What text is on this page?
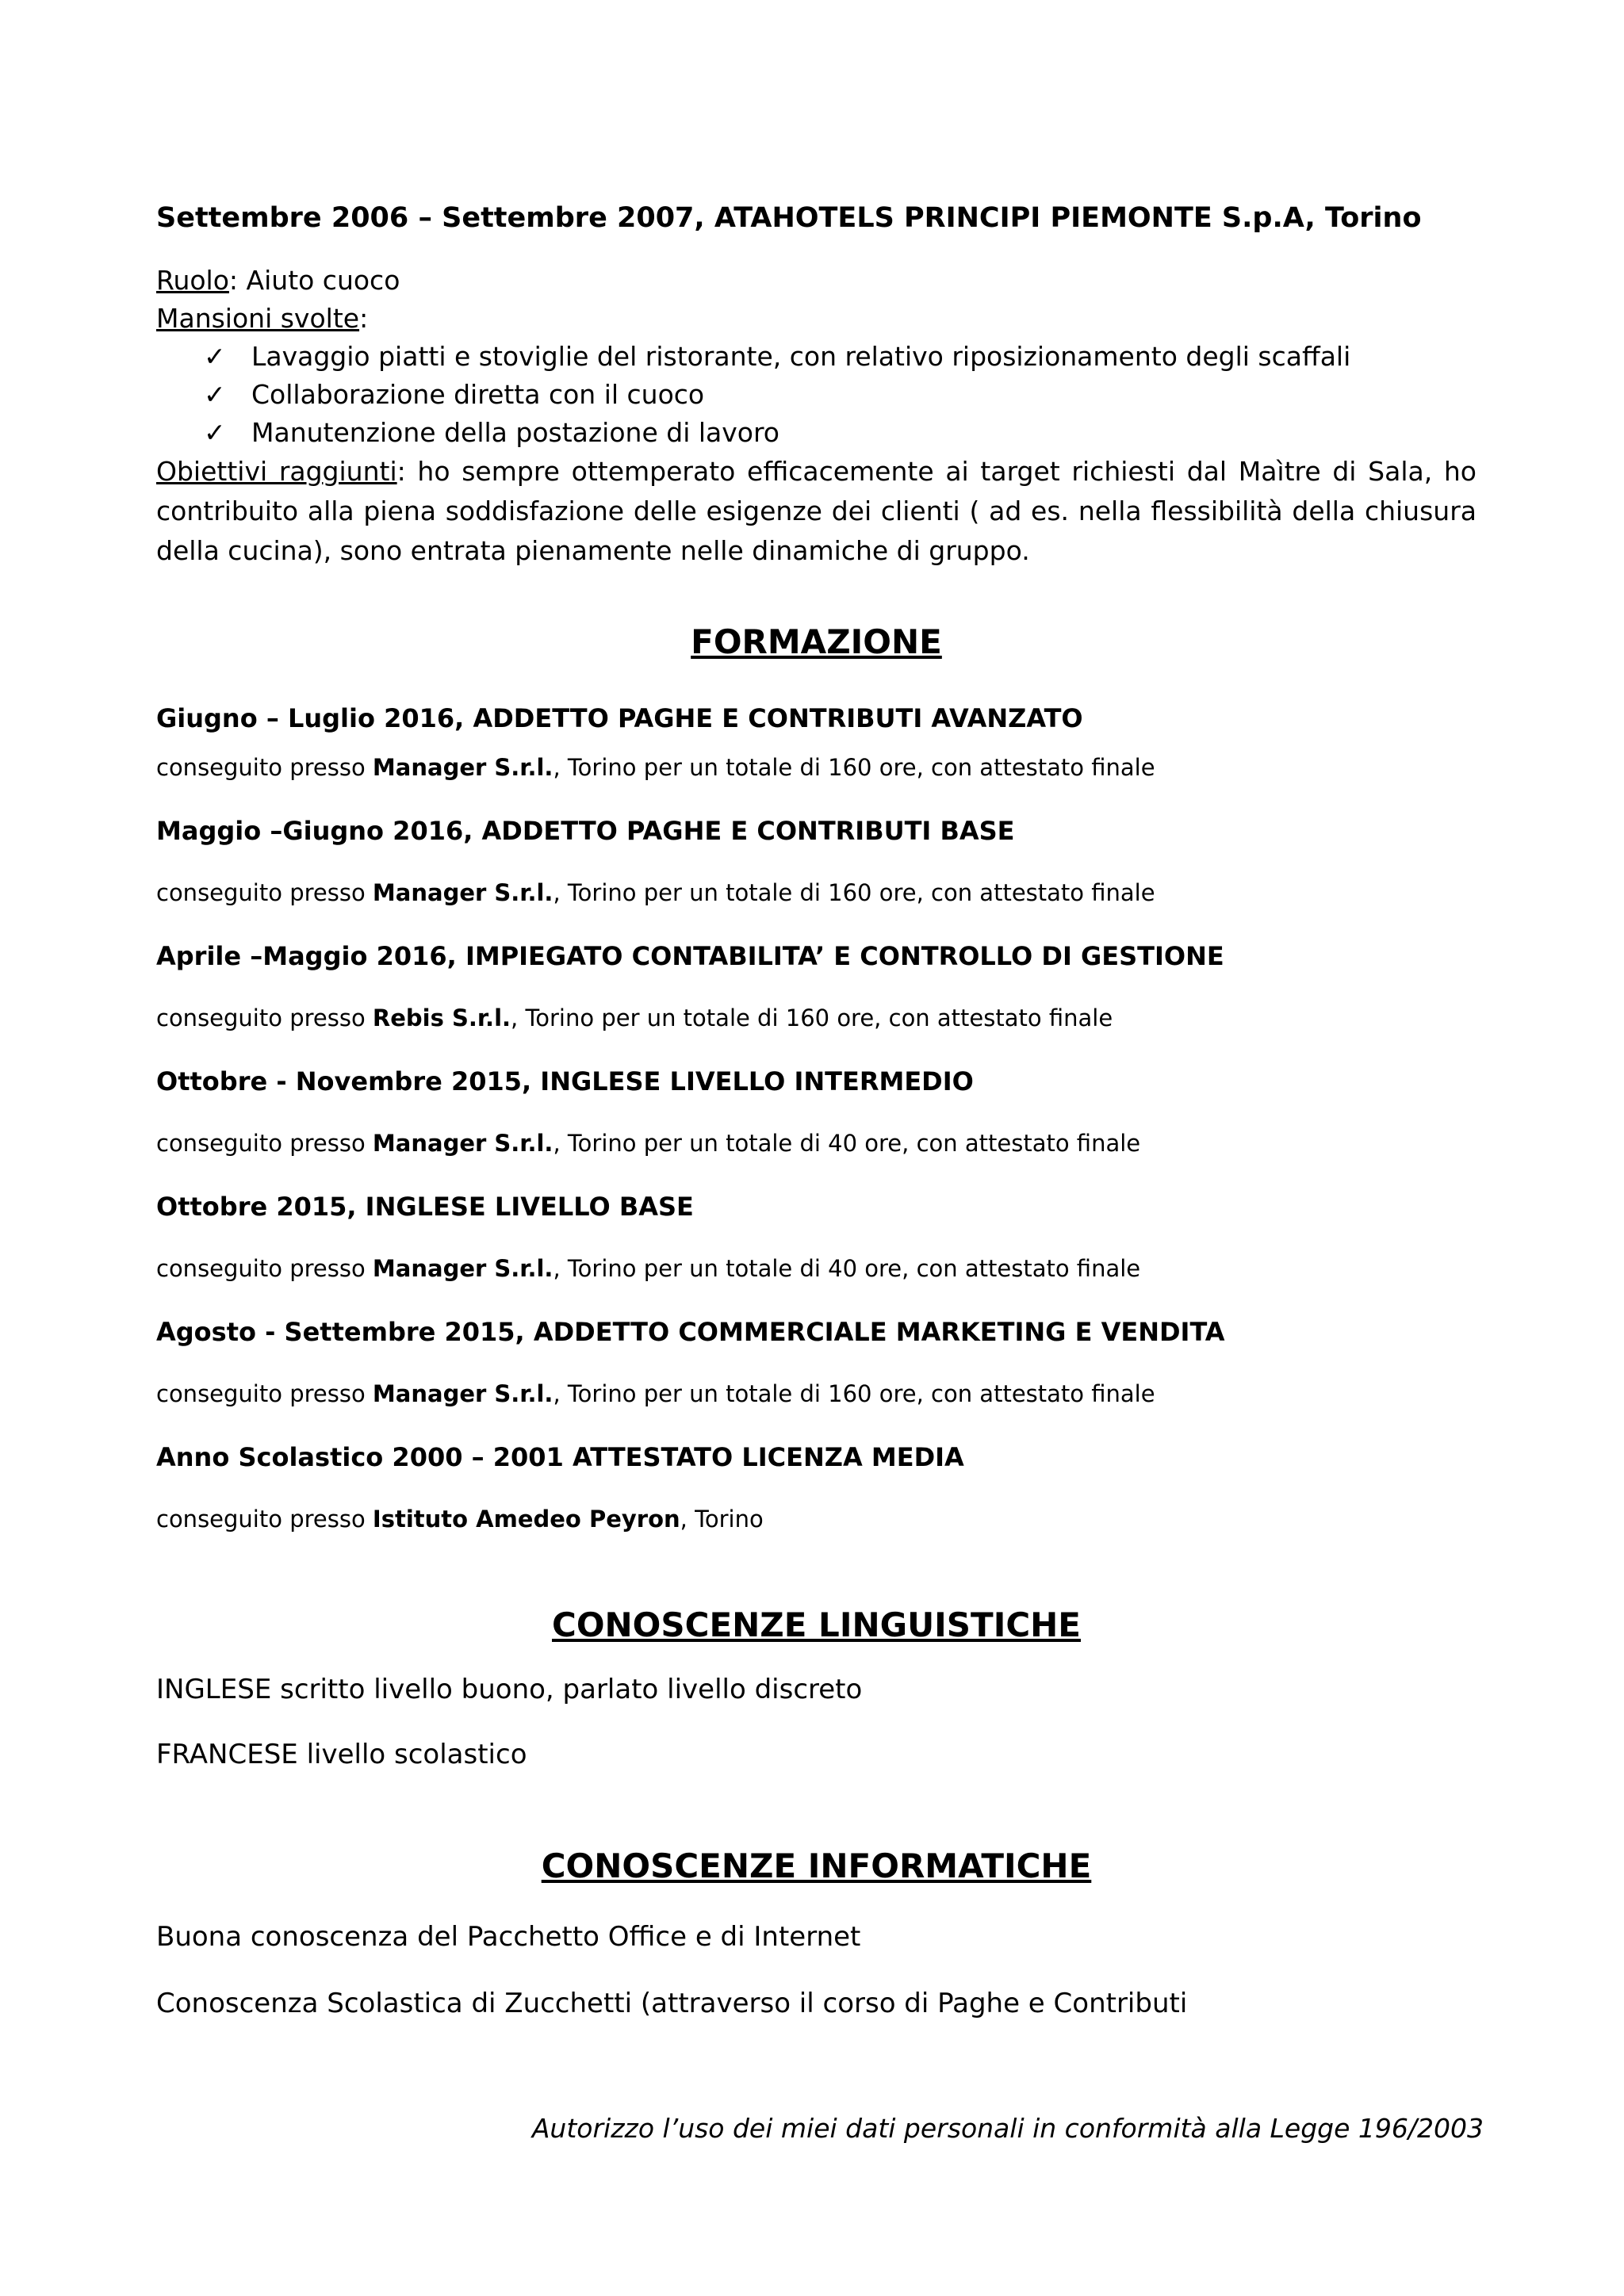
Settembre 2006 – Settembre 2007, ATAHOTELS PRINCIPI PIEMONTE S.p.A, Torino

Ruolo: Aiuto cuoco
Mansioni svolte:
✓ Lavaggio piatti e stoviglie del ristorante, con relativo riposizionamento degli scaffali
✓ Collaborazione diretta con il cuoco
✓ Manutenzione della postazione di lavoro

Obiettivi raggiunti: ho sempre ottemperato efficacemente ai target richiesti dal Maìtre di Sala, ho contribuito alla piena soddisfazione delle esigenze dei clienti ( ad es. nella flessibilità della chiusura della cucina), sono entrata pienamente nelle dinamiche di gruppo.

FORMAZIONE

Giugno – Luglio 2016, ADDETTO PAGHE E CONTRIBUTI AVANZATO

conseguito presso Manager S.r.l., Torino per un totale di 160 ore, con attestato finale

Maggio –Giugno 2016, ADDETTO PAGHE E CONTRIBUTI BASE

conseguito presso Manager S.r.l., Torino per un totale di 160 ore, con attestato finale

Aprile –Maggio 2016, IMPIEGATO CONTABILITA’ E CONTROLLO DI GESTIONE

conseguito presso Rebis S.r.l., Torino per un totale di 160 ore, con attestato finale

Ottobre - Novembre 2015, INGLESE LIVELLO INTERMEDIO

conseguito presso Manager S.r.l., Torino per un totale di 40 ore, con attestato finale

Ottobre 2015, INGLESE LIVELLO BASE

conseguito presso Manager S.r.l., Torino per un totale di 40 ore, con attestato finale

Agosto - Settembre 2015, ADDETTO COMMERCIALE MARKETING E VENDITA

conseguito presso Manager S.r.l., Torino per un totale di 160 ore, con attestato finale

Anno Scolastico 2000 – 2001 ATTESTATO LICENZA MEDIA

conseguito presso Istituto Amedeo Peyron, Torino

CONOSCENZE LINGUISTICHE

INGLESE scritto livello buono, parlato livello discreto

FRANCESE livello scolastico

CONOSCENZE INFORMATICHE

Buona conoscenza del Pacchetto Office e di Internet

Conoscenza Scolastica di Zucchetti (attraverso il corso di Paghe e Contributi

Autorizzo l’uso dei miei dati personali in conformità alla Legge 196/2003
